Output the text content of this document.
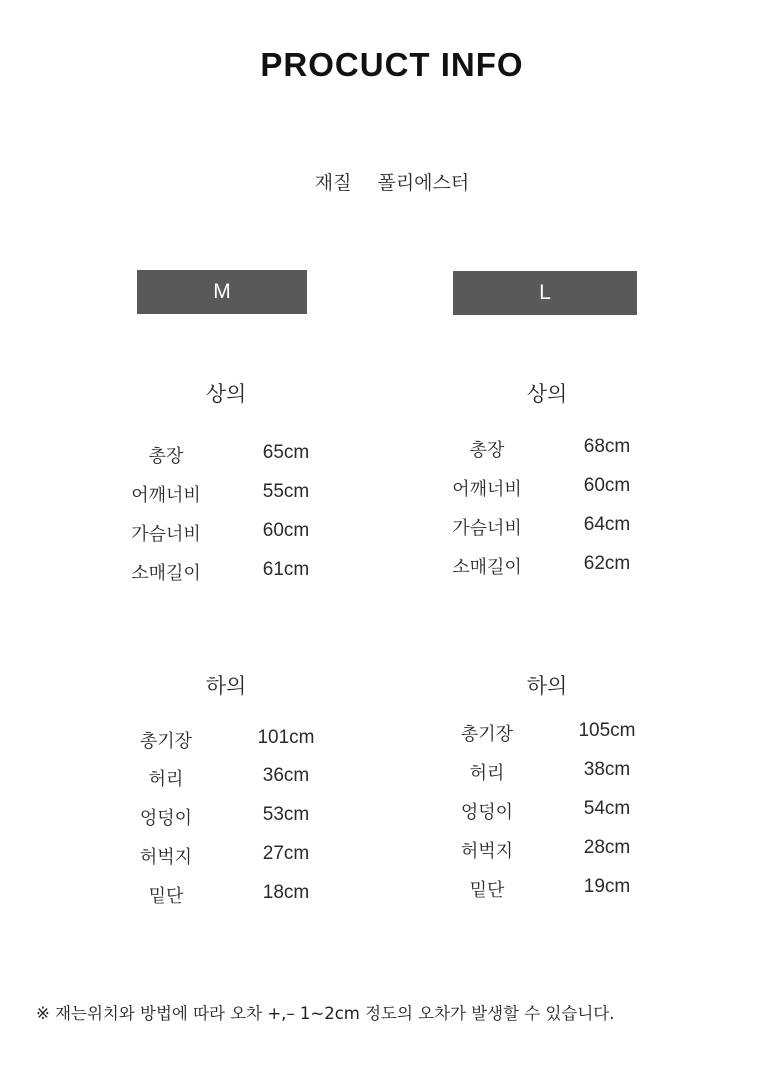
PROCUCT INFO
재질 폴리에스터
M
상의
총장	65cm
어깨너비	55cm
가슴너비	60cm
소매길이	61cm
하의
총기장	101cm
허리	36cm
엉덩이	53cm
허벅지	27cm
밑단	18cm
L
상의
총장	68cm
어깨너비	60cm
가슴너비	64cm
소매길이	62cm
하의
총기장	105cm
허리	38cm
엉덩이	54cm
허벅지	28cm
밑단	19cm
※ 재는위치와 방법에 따라 오차 +,– 1~2cm 정도의 오차가 발생할 수 있습니다.
